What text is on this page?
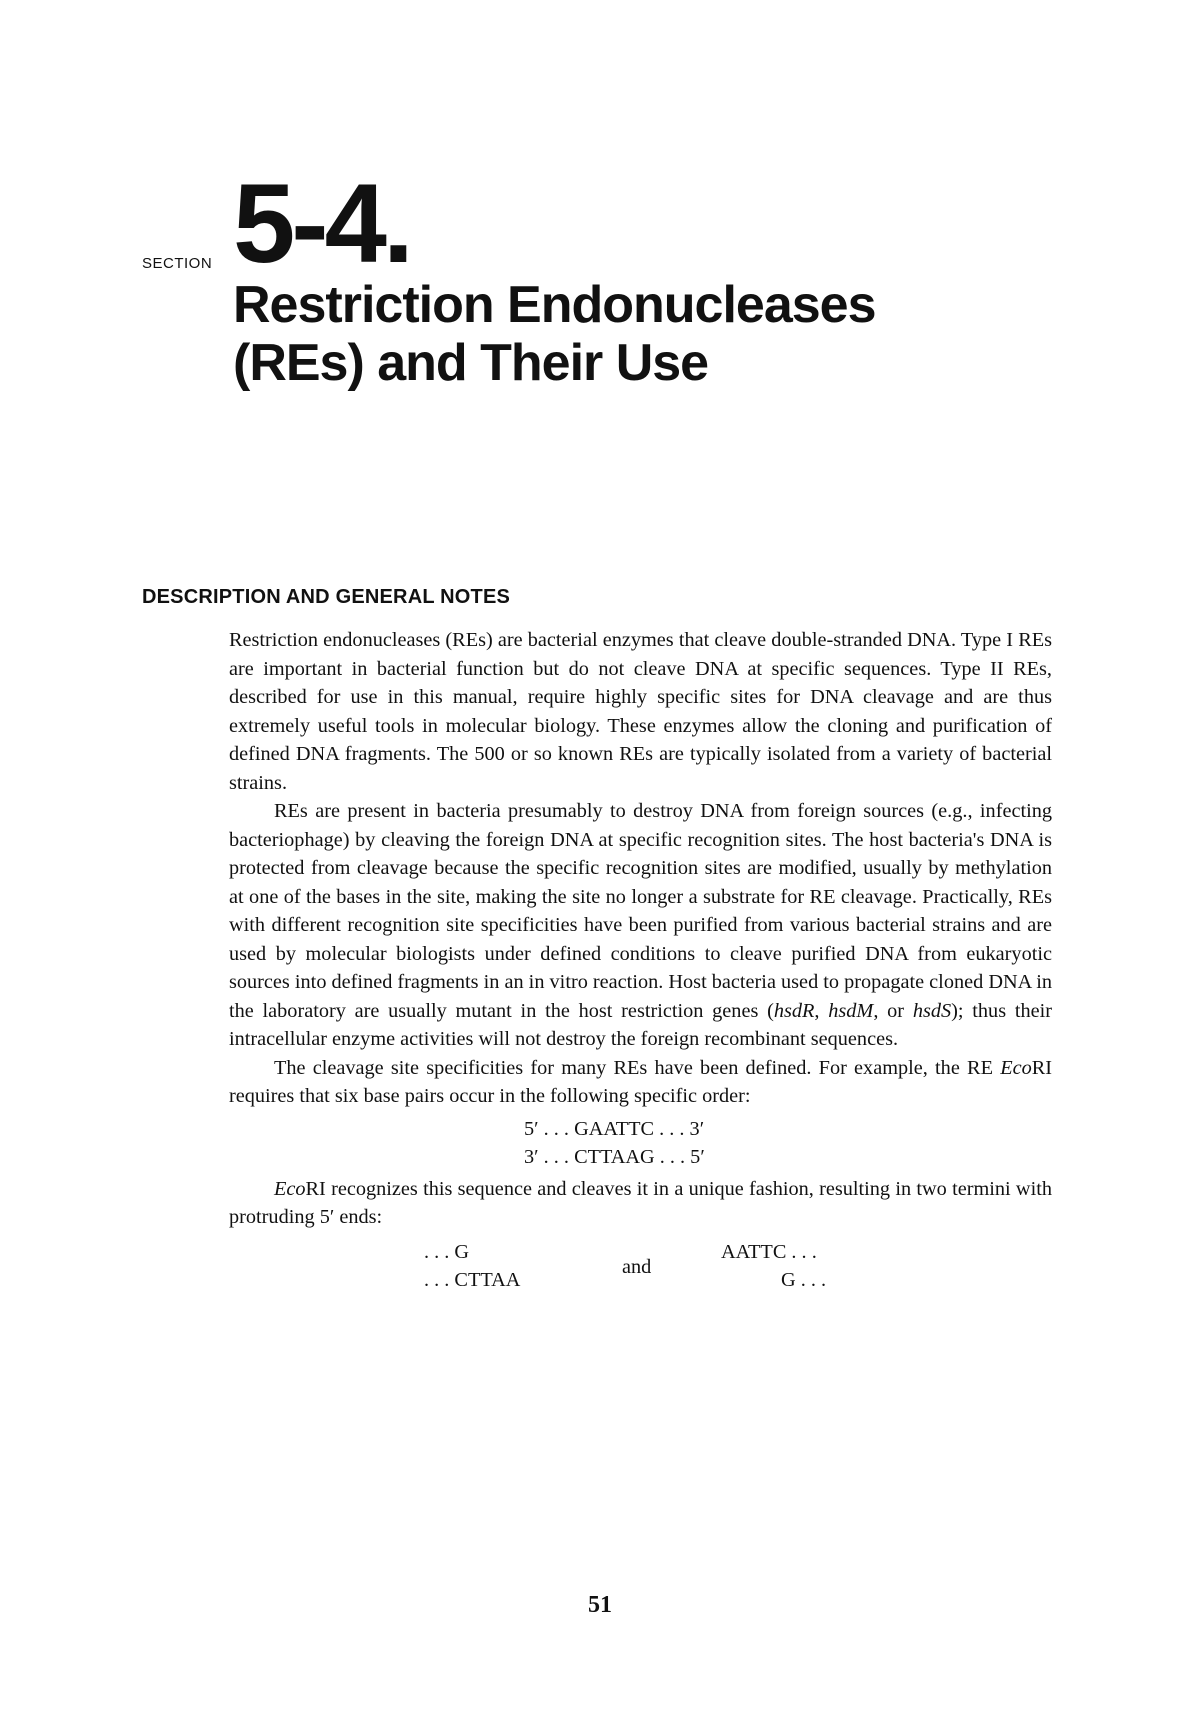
SECTION 5-4.
Restriction Endonucleases
(REs) and Their Use
DESCRIPTION AND GENERAL NOTES

Restriction endonucleases (REs) are bacterial enzymes that cleave double-stranded DNA. Type I REs are important in bacterial function but do not cleave DNA at specific sequences. Type II REs, described for use in this manual, require highly specific sites for DNA cleavage and are thus extremely useful tools in molecular biology. These enzymes allow the cloning and purification of defined DNA fragments. The 500 or so known REs are typically isolated from a variety of bacterial strains.

REs are present in bacteria presumably to destroy DNA from foreign sources (e.g., infecting bacteriophage) by cleaving the foreign DNA at specific recognition sites. The host bacteria's DNA is protected from cleavage because the specific recognition sites are modified, usually by methylation at one of the bases in the site, making the site no longer a substrate for RE cleavage. Practically, REs with different recognition site specificities have been purified from various bacterial strains and are used by molecular biologists under defined conditions to cleave purified DNA from eukaryotic sources into defined fragments in an in vitro reaction. Host bacteria used to propagate cloned DNA in the laboratory are usually mutant in the host restriction genes (hsdR, hsdM, or hsdS); thus their intracellular enzyme activities will not destroy the foreign recombinant sequences.

The cleavage site specificities for many REs have been defined. For example, the RE EcoRI requires that six base pairs occur in the following specific order:

5′ . . . GAATTC . . . 3′
3′ . . . CTTAAG . . . 5′

EcoRI recognizes this sequence and cleaves it in a unique fashion, resulting in two termini with protruding 5′ ends:

. . . G
. . . CTTAA
and
AATTC . . .
G . . .
51
